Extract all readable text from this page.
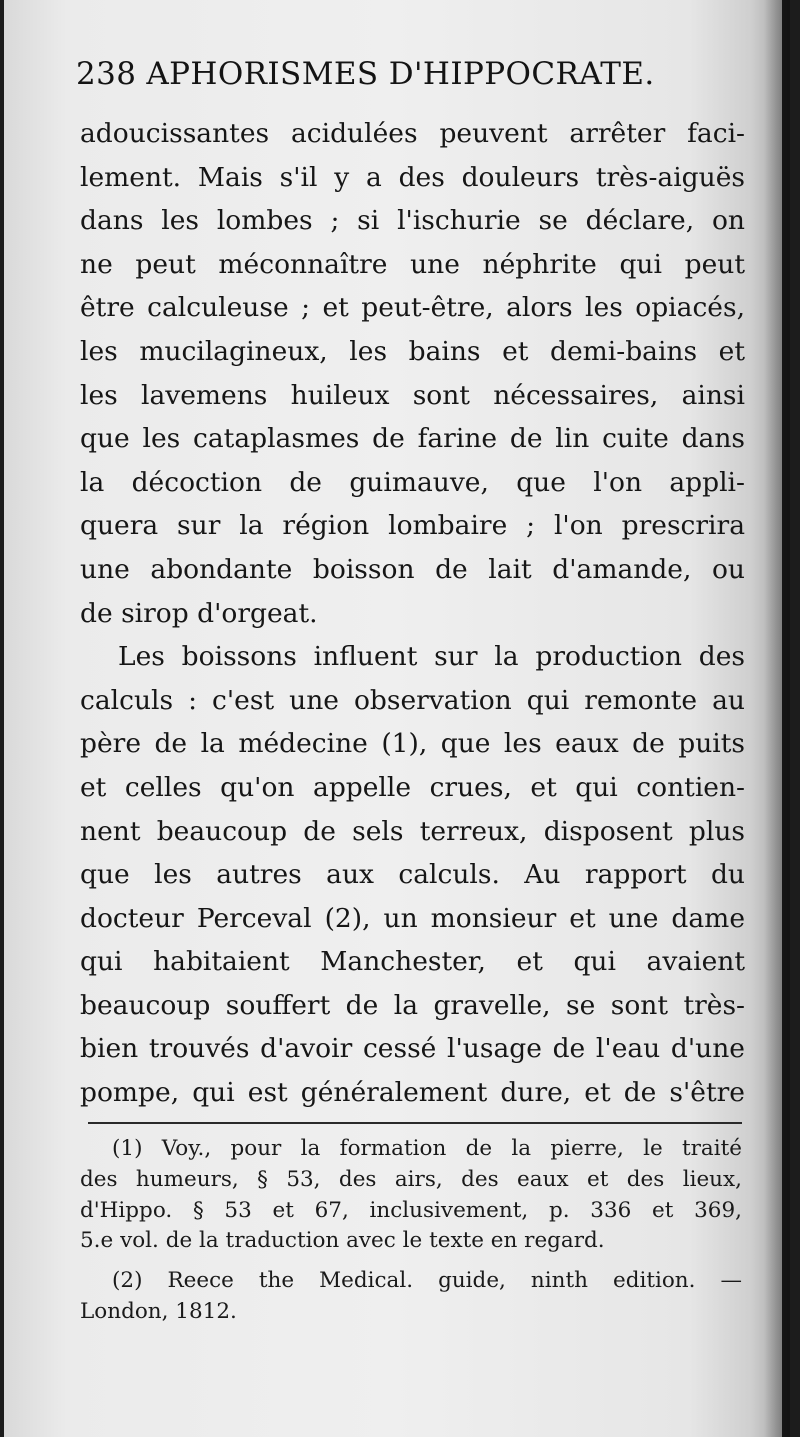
238 APHORISMES D'HIPPOCRATE.
adoucissantes acidulées peuvent arrêter faci-
lement. Mais s'il y a des douleurs très-aiguës
dans les lombes ; si l'ischurie se déclare, on
ne peut méconnaître une néphrite qui peut
être calculeuse ; et peut-être, alors les opiacés,
les mucilagineux, les bains et demi-bains et
les lavemens huileux sont nécessaires, ainsi
que les cataplasmes de farine de lin cuite dans
la décoction de guimauve, que l'on appli-
quera sur la région lombaire ; l'on prescrira
une abondante boisson de lait d'amande, ou
de sirop d'orgeat.
Les boissons influent sur la production des
calculs : c'est une observation qui remonte au
père de la médecine (1), que les eaux de puits
et celles qu'on appelle crues, et qui contien-
nent beaucoup de sels terreux, disposent plus
que les autres aux calculs. Au rapport du
docteur Perceval (2), un monsieur et une dame
qui habitaient Manchester, et qui avaient
beaucoup souffert de la gravelle, se sont très-
bien trouvés d'avoir cessé l'usage de l'eau d'une
pompe, qui est généralement dure, et de s'être
(1) Voy., pour la formation de la pierre, le traité
des humeurs, § 53, des airs, des eaux et des lieux,
d'Hippo. § 53 et 67, inclusivement, p. 336 et 369,
5.e vol. de la traduction avec le texte en regard.
(2) Reece the Medical. guide, ninth edition. —
London, 1812.
